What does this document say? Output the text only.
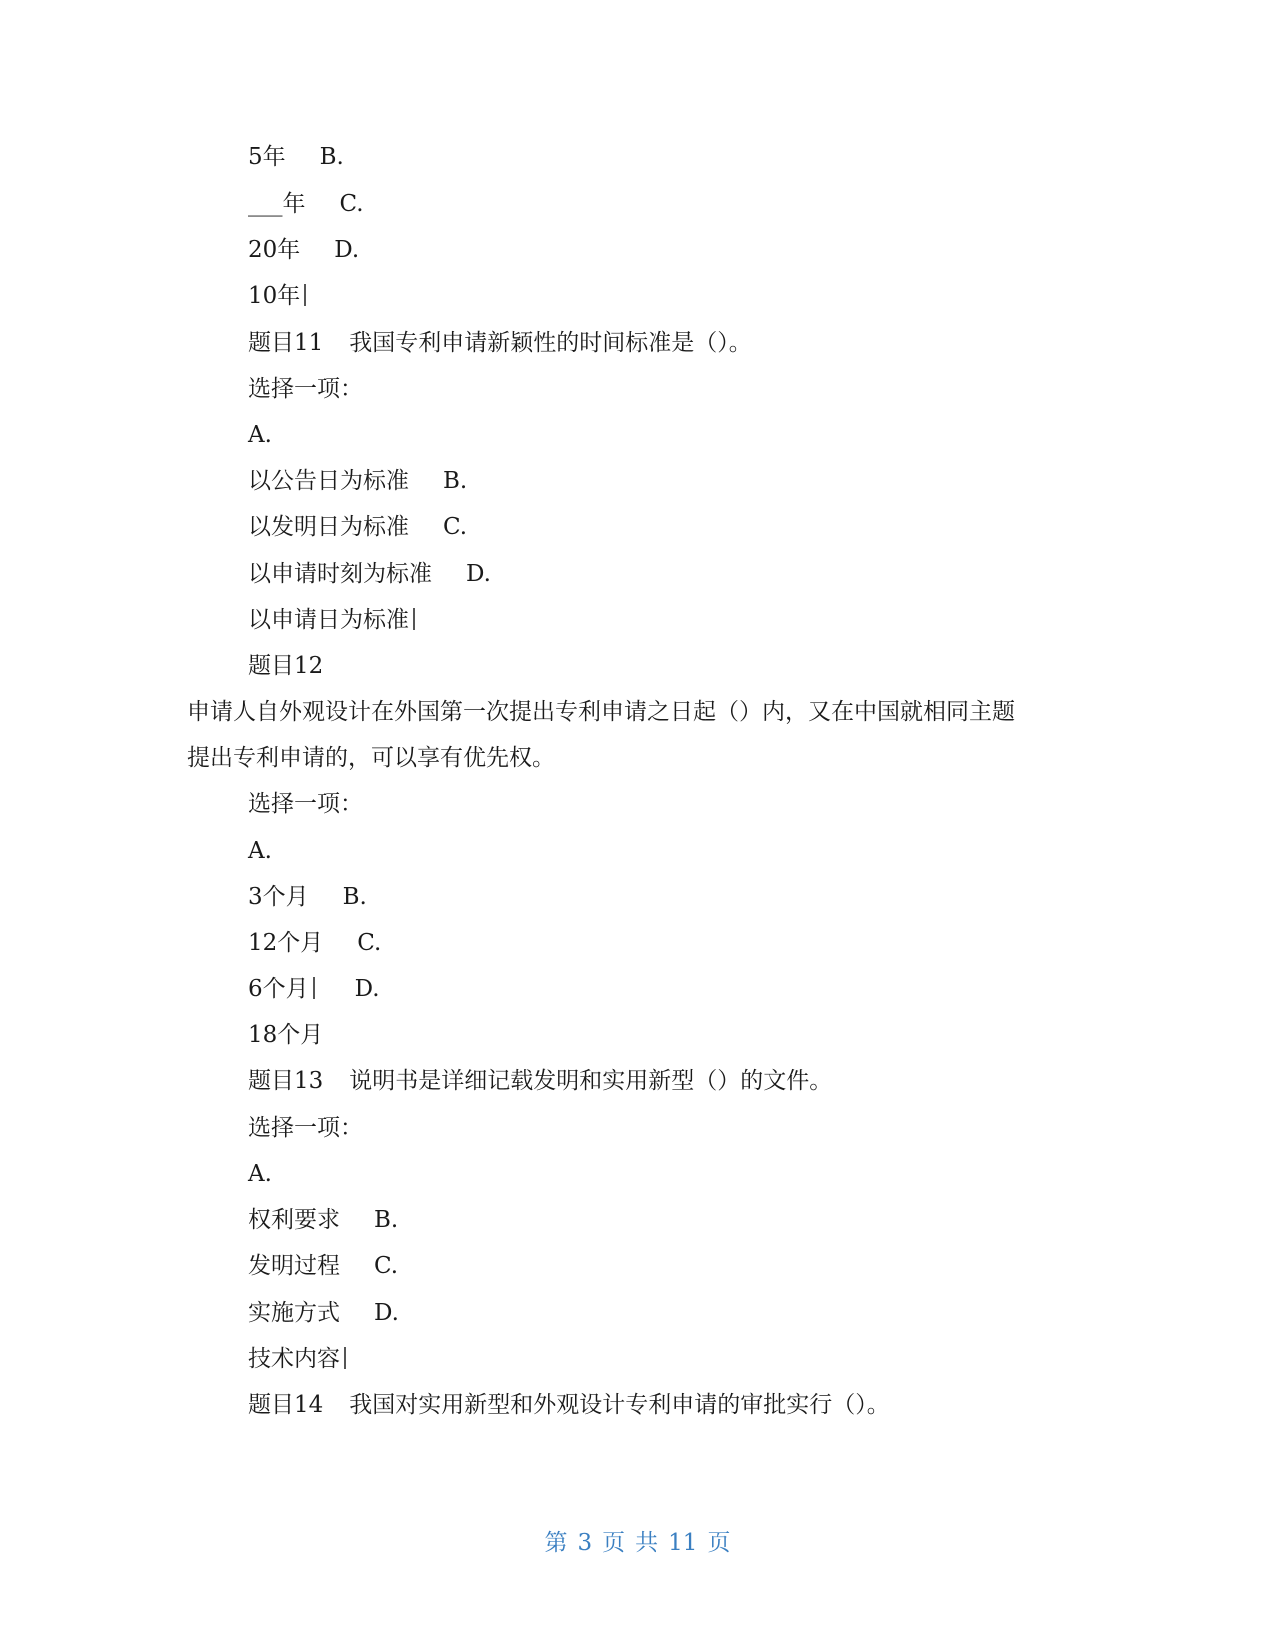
5年 B.
___年 C.
20年 D.
10年
题目11 我国专利申请新颖性的时间标准是（）。
选择一项：
A.
以公告日为标准 B.
以发明日为标准 C.
以申请时刻为标准 D.
以申请日为标准
题目12
申请人自外观设计在外国第一次提出专利申请之日起（）内，又在中国就相同主题
提出专利申请的，可以享有优先权。
选择一项：
A.
3个月 B.
12个月 C.
6个月 D.
18个月
题目13 说明书是详细记载发明和实用新型（）的文件。
选择一项：
A.
权利要求 B.
发明过程 C.
实施方式 D.
技术内容
题目14 我国对实用新型和外观设计专利申请的审批实行（）。
第 3 页 共 11 页
